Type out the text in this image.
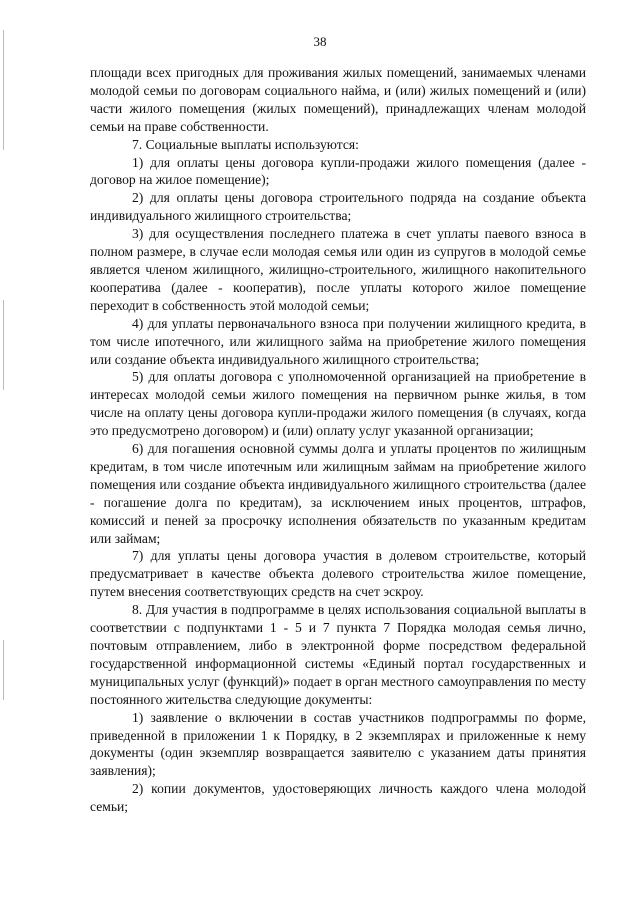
38

площади всех пригодных для проживания жилых помещений, занимаемых членами молодой семьи по договорам социального найма, и (или) жилых помещений и (или) части жилого помещения (жилых помещений), принадлежащих членам молодой семьи на праве собственности.

7. Социальные выплаты используются:

1) для оплаты цены договора купли-продажи жилого помещения (далее - договор на жилое помещение);

2) для оплаты цены договора строительного подряда на создание объекта индивидуального жилищного строительства;

3) для осуществления последнего платежа в счет уплаты паевого взноса в полном размере, в случае если молодая семья или один из супругов в молодой семье является членом жилищного, жилищно-строительного, жилищного накопительного кооператива (далее - кооператив), после уплаты которого жилое помещение переходит в собственность этой молодой семьи;

4) для уплаты первоначального взноса при получении жилищного кредита, в том числе ипотечного, или жилищного займа на приобретение жилого помещения или создание объекта индивидуального жилищного строительства;

5) для оплаты договора с уполномоченной организацией на приобретение в интересах молодой семьи жилого помещения на первичном рынке жилья, в том числе на оплату цены договора купли-продажи жилого помещения (в случаях, когда это предусмотрено договором) и (или) оплату услуг указанной организации;

6) для погашения основной суммы долга и уплаты процентов по жилищным кредитам, в том числе ипотечным или жилищным займам на приобретение жилого помещения или создание объекта индивидуального жилищного строительства (далее - погашение долга по кредитам), за исключением иных процентов, штрафов, комиссий и пеней за просрочку исполнения обязательств по указанным кредитам или займам;

7) для уплаты цены договора участия в долевом строительстве, который предусматривает в качестве объекта долевого строительства жилое помещение, путем внесения соответствующих средств на счет эскроу.

8. Для участия в подпрограмме в целях использования социальной выплаты в соответствии с подпунктами 1 - 5 и 7 пункта 7 Порядка молодая семья лично, почтовым отправлением, либо в электронной форме посредством федеральной государственной информационной системы «Единый портал государственных и муниципальных услуг (функций)» подает в орган местного самоуправления по месту постоянного жительства следующие документы:

1) заявление о включении в состав участников подпрограммы по форме, приведенной в приложении 1 к Порядку, в 2 экземплярах и приложенные к нему документы (один экземпляр возвращается заявителю с указанием даты принятия заявления);

2) копии документов, удостоверяющих личность каждого члена молодой семьи;
